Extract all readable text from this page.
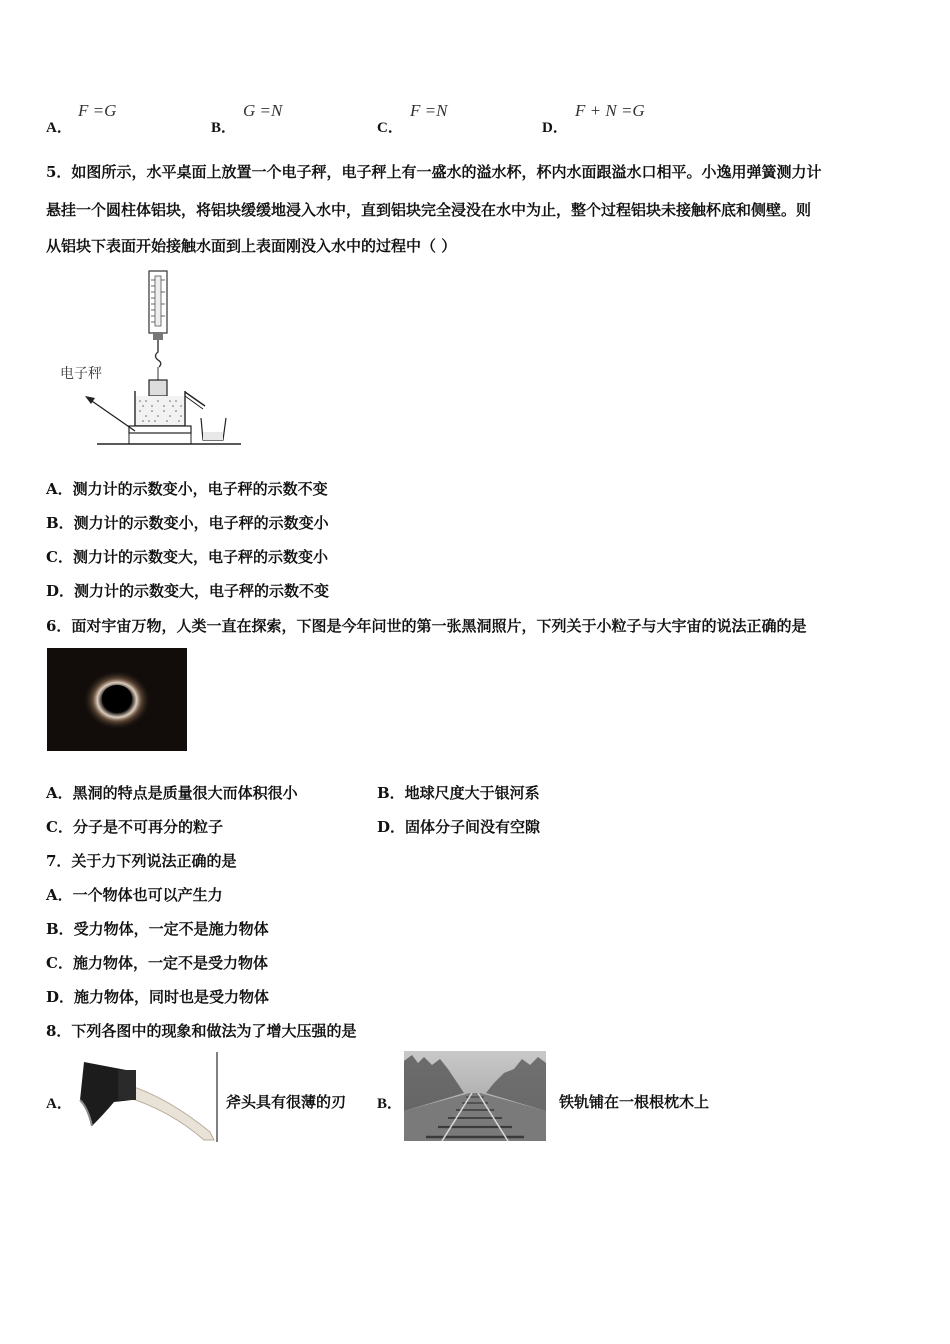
A．
F =G
B．
G =N
C．
F =N
D．
F + N =G
5．如图所示，水平桌面上放置一个电子秤，电子秤上有一盛水的溢水杯，杯内水面跟溢水口相平。小逸用弹簧测力计
悬挂一个圆柱体铝块，将铝块缓缓地浸入水中，直到铝块完全浸没在水中为止，整个过程铝块未接触杯底和侧壁。则
从铝块下表面开始接触水面到上表面刚没入水中的过程中（ ）
电子秤
A．测力计的示数变小，电子秤的示数不变
B．测力计的示数变小，电子秤的示数变小
C．测力计的示数变大，电子秤的示数变小
D．测力计的示数变大，电子秤的示数不变
6．面对宇宙万物，人类一直在探索，下图是今年问世的第一张黑洞照片，下列关于小粒子与大宇宙的说法正确的是
A．黑洞的特点是质量很大而体积很小	B．地球尺度大于银河系
C．分子是不可再分的粒子	D．固体分子间没有空隙
7．关于力下列说法正确的是
A．一个物体也可以产生力
B．受力物体，一定不是施力物体
C．施力物体，一定不是受力物体
D．施力物体，同时也是受力物体
8．下列各图中的现象和做法为了增大压强的是
A．	斧头具有很薄的刃 B．	铁轨铺在一根根枕木上
